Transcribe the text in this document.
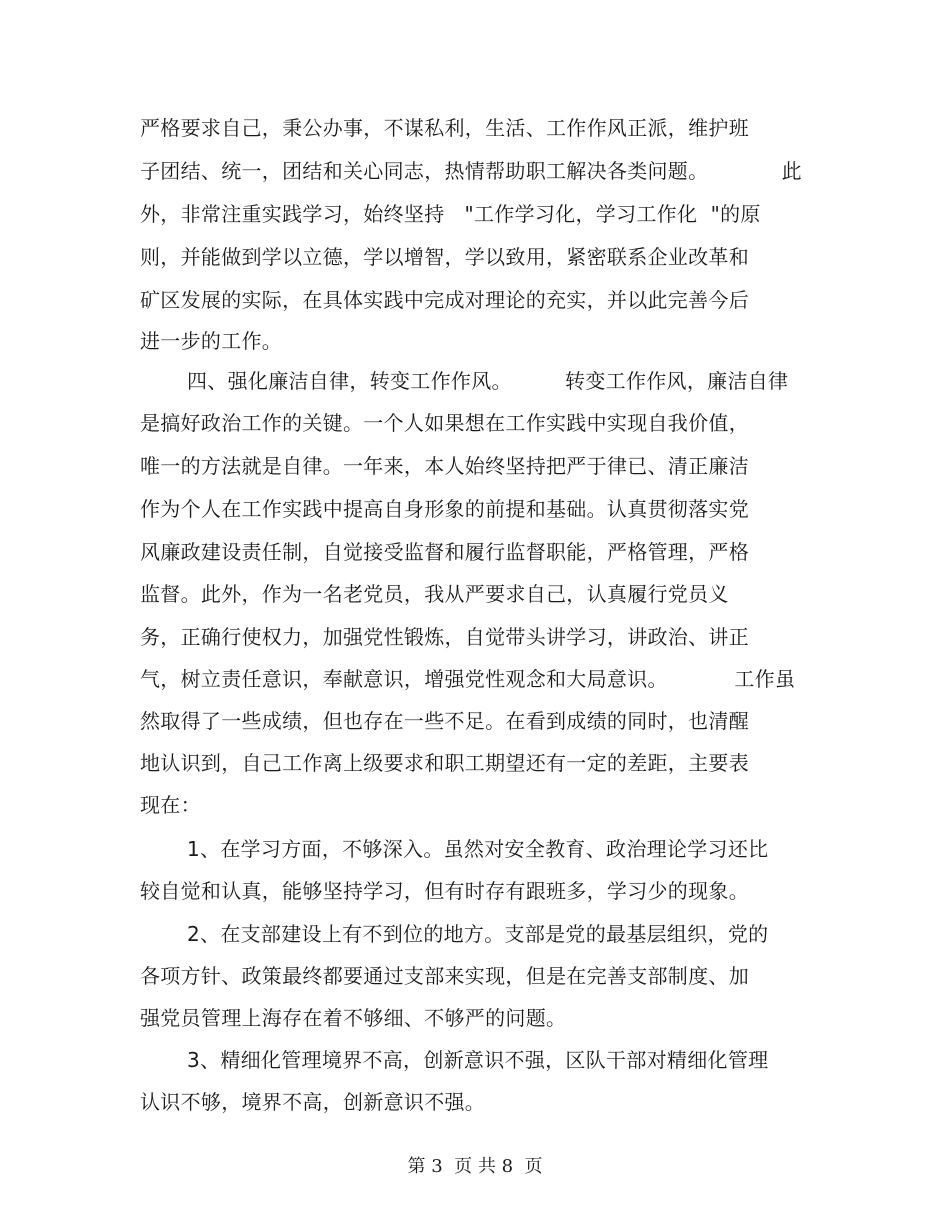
严格要求自己，秉公办事，不谋私利，生活、工作作风正派，维护班
子团结、统一，团结和关心同志，热情帮助职工解决各类问题。           此
外，非常注重实践学习，始终坚持   "工作学习化，学习工作化  "的原
则，并能做到学以立德，学以增智，学以致用，紧密联系企业改革和
矿区发展的实际，在具体实践中完成对理论的充实，并以此完善今后
进一步的工作。
四、强化廉洁自律，转变工作作风。        转变工作作风，廉洁自律
是搞好政治工作的关键。一个人如果想在工作实践中实现自我价值，
唯一的方法就是自律。一年来，本人始终坚持把严于律已、清正廉洁
作为个人在工作实践中提高自身形象的前提和基础。认真贯彻落实党
风廉政建设责任制，自觉接受监督和履行监督职能，严格管理，严格
监督。此外，作为一名老党员，我从严要求自己，认真履行党员义
务，正确行使权力，加强党性锻炼，自觉带头讲学习，讲政治、讲正
气，树立责任意识，奉献意识，增强党性观念和大局意识。          工作虽
然取得了一些成绩，但也存在一些不足。在看到成绩的同时，也清醒
地认识到，自己工作离上级要求和职工期望还有一定的差距，主要表
现在：
1、在学习方面，不够深入。虽然对安全教育、政治理论学习还比
较自觉和认真，能够坚持学习，但有时存有跟班多，学习少的现象。
2、在支部建设上有不到位的地方。支部是党的最基层组织，党的
各项方针、政策最终都要通过支部来实现，但是在完善支部制度、加
强党员管理上海存在着不够细、不够严的问题。
3、精细化管理境界不高，创新意识不强，区队干部对精细化管理
认识不够，境界不高，创新意识不强。
第 3  页 共 8  页
